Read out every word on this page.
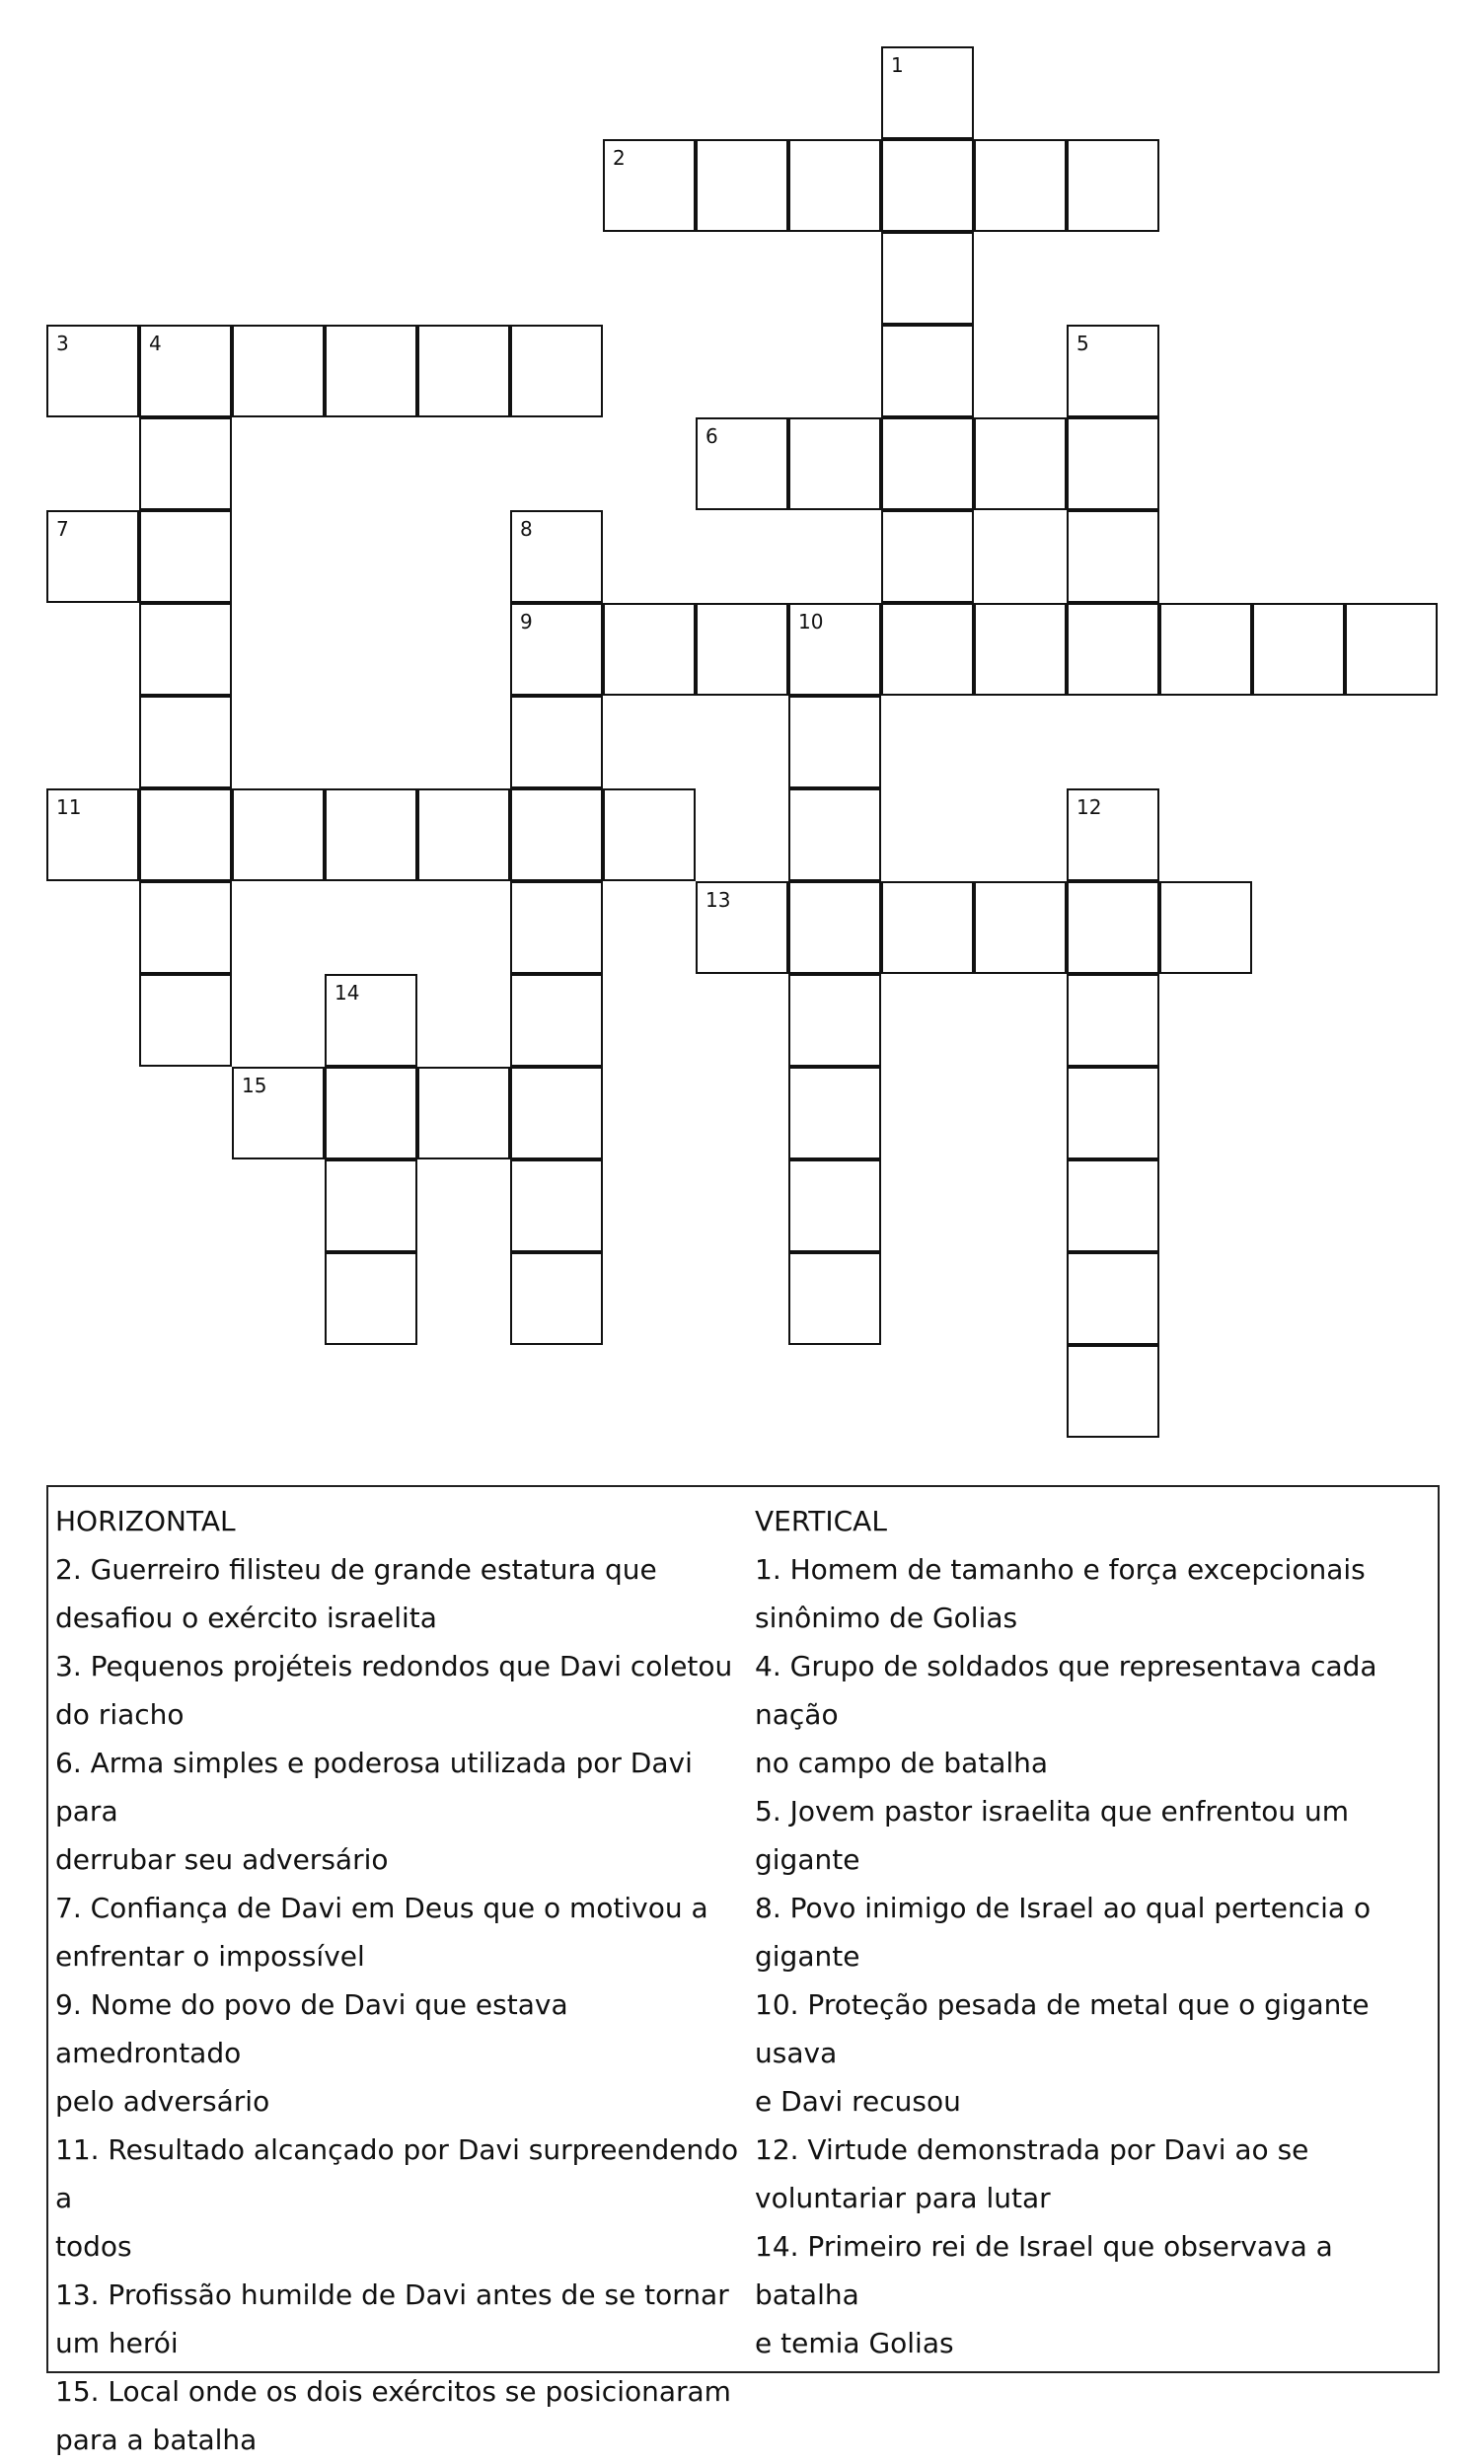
1
2
3	4	5
6
7	8
9	10
11	12
13
14
15
HORIZONTAL
2. Guerreiro filisteu de grande estatura que
desafiou o exército israelita
3. Pequenos projéteis redondos que Davi coletou
do riacho
6. Arma simples e poderosa utilizada por Davi para
derrubar seu adversário
7. Confiança de Davi em Deus que o motivou a
enfrentar o impossível
9. Nome do povo de Davi que estava amedrontado
pelo adversário
11. Resultado alcançado por Davi surpreendendo a
todos
13. Profissão humilde de Davi antes de se tornar
um herói
15. Local onde os dois exércitos se posicionaram
para a batalha
VERTICAL
1. Homem de tamanho e força excepcionais
sinônimo de Golias
4. Grupo de soldados que representava cada nação
no campo de batalha
5. Jovem pastor israelita que enfrentou um gigante
8. Povo inimigo de Israel ao qual pertencia o
gigante
10. Proteção pesada de metal que o gigante usava
e Davi recusou
12. Virtude demonstrada por Davi ao se
voluntariar para lutar
14. Primeiro rei de Israel que observava a batalha
e temia Golias
